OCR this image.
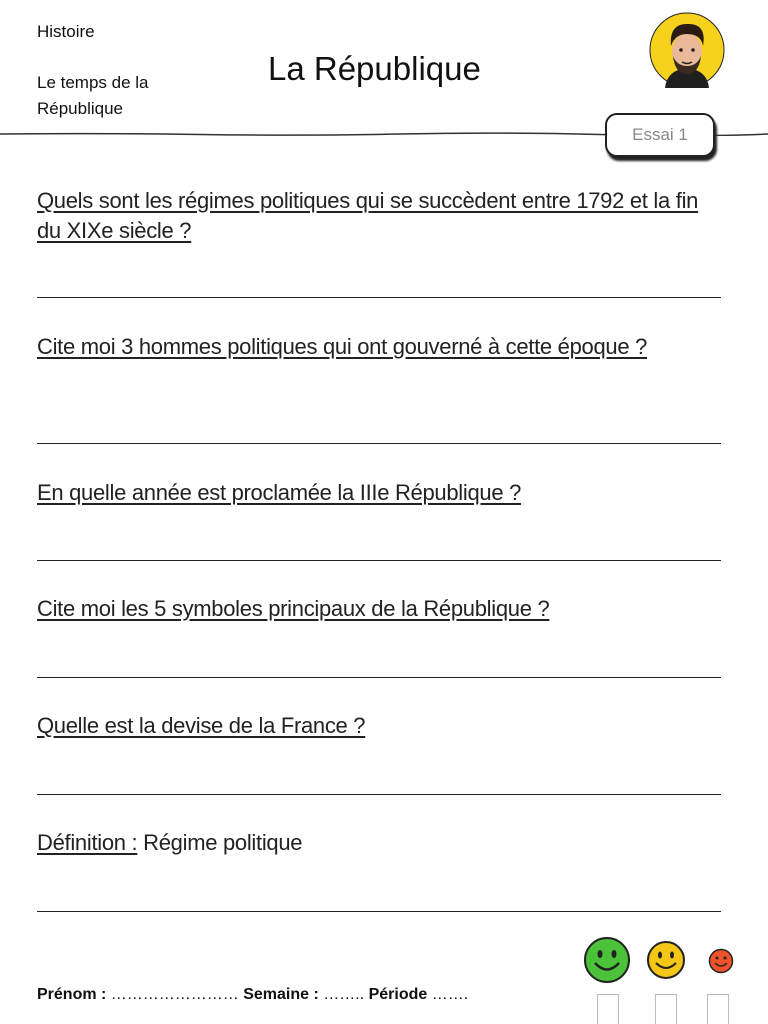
Histoire
Le temps de la
République
La République
Essai 1
Quels sont les régimes politiques qui se succèdent entre 1792 et la fin du XIXe siècle ?
Cite moi 3 hommes politiques qui ont gouverné à cette époque ?
En quelle année est proclamée la IIIe République ?
Cite moi les 5 symboles principaux de la République ?
Quelle est la devise de la France ?
Définition : Régime politique
Prénom : …………………… Semaine : …….. Période …….
